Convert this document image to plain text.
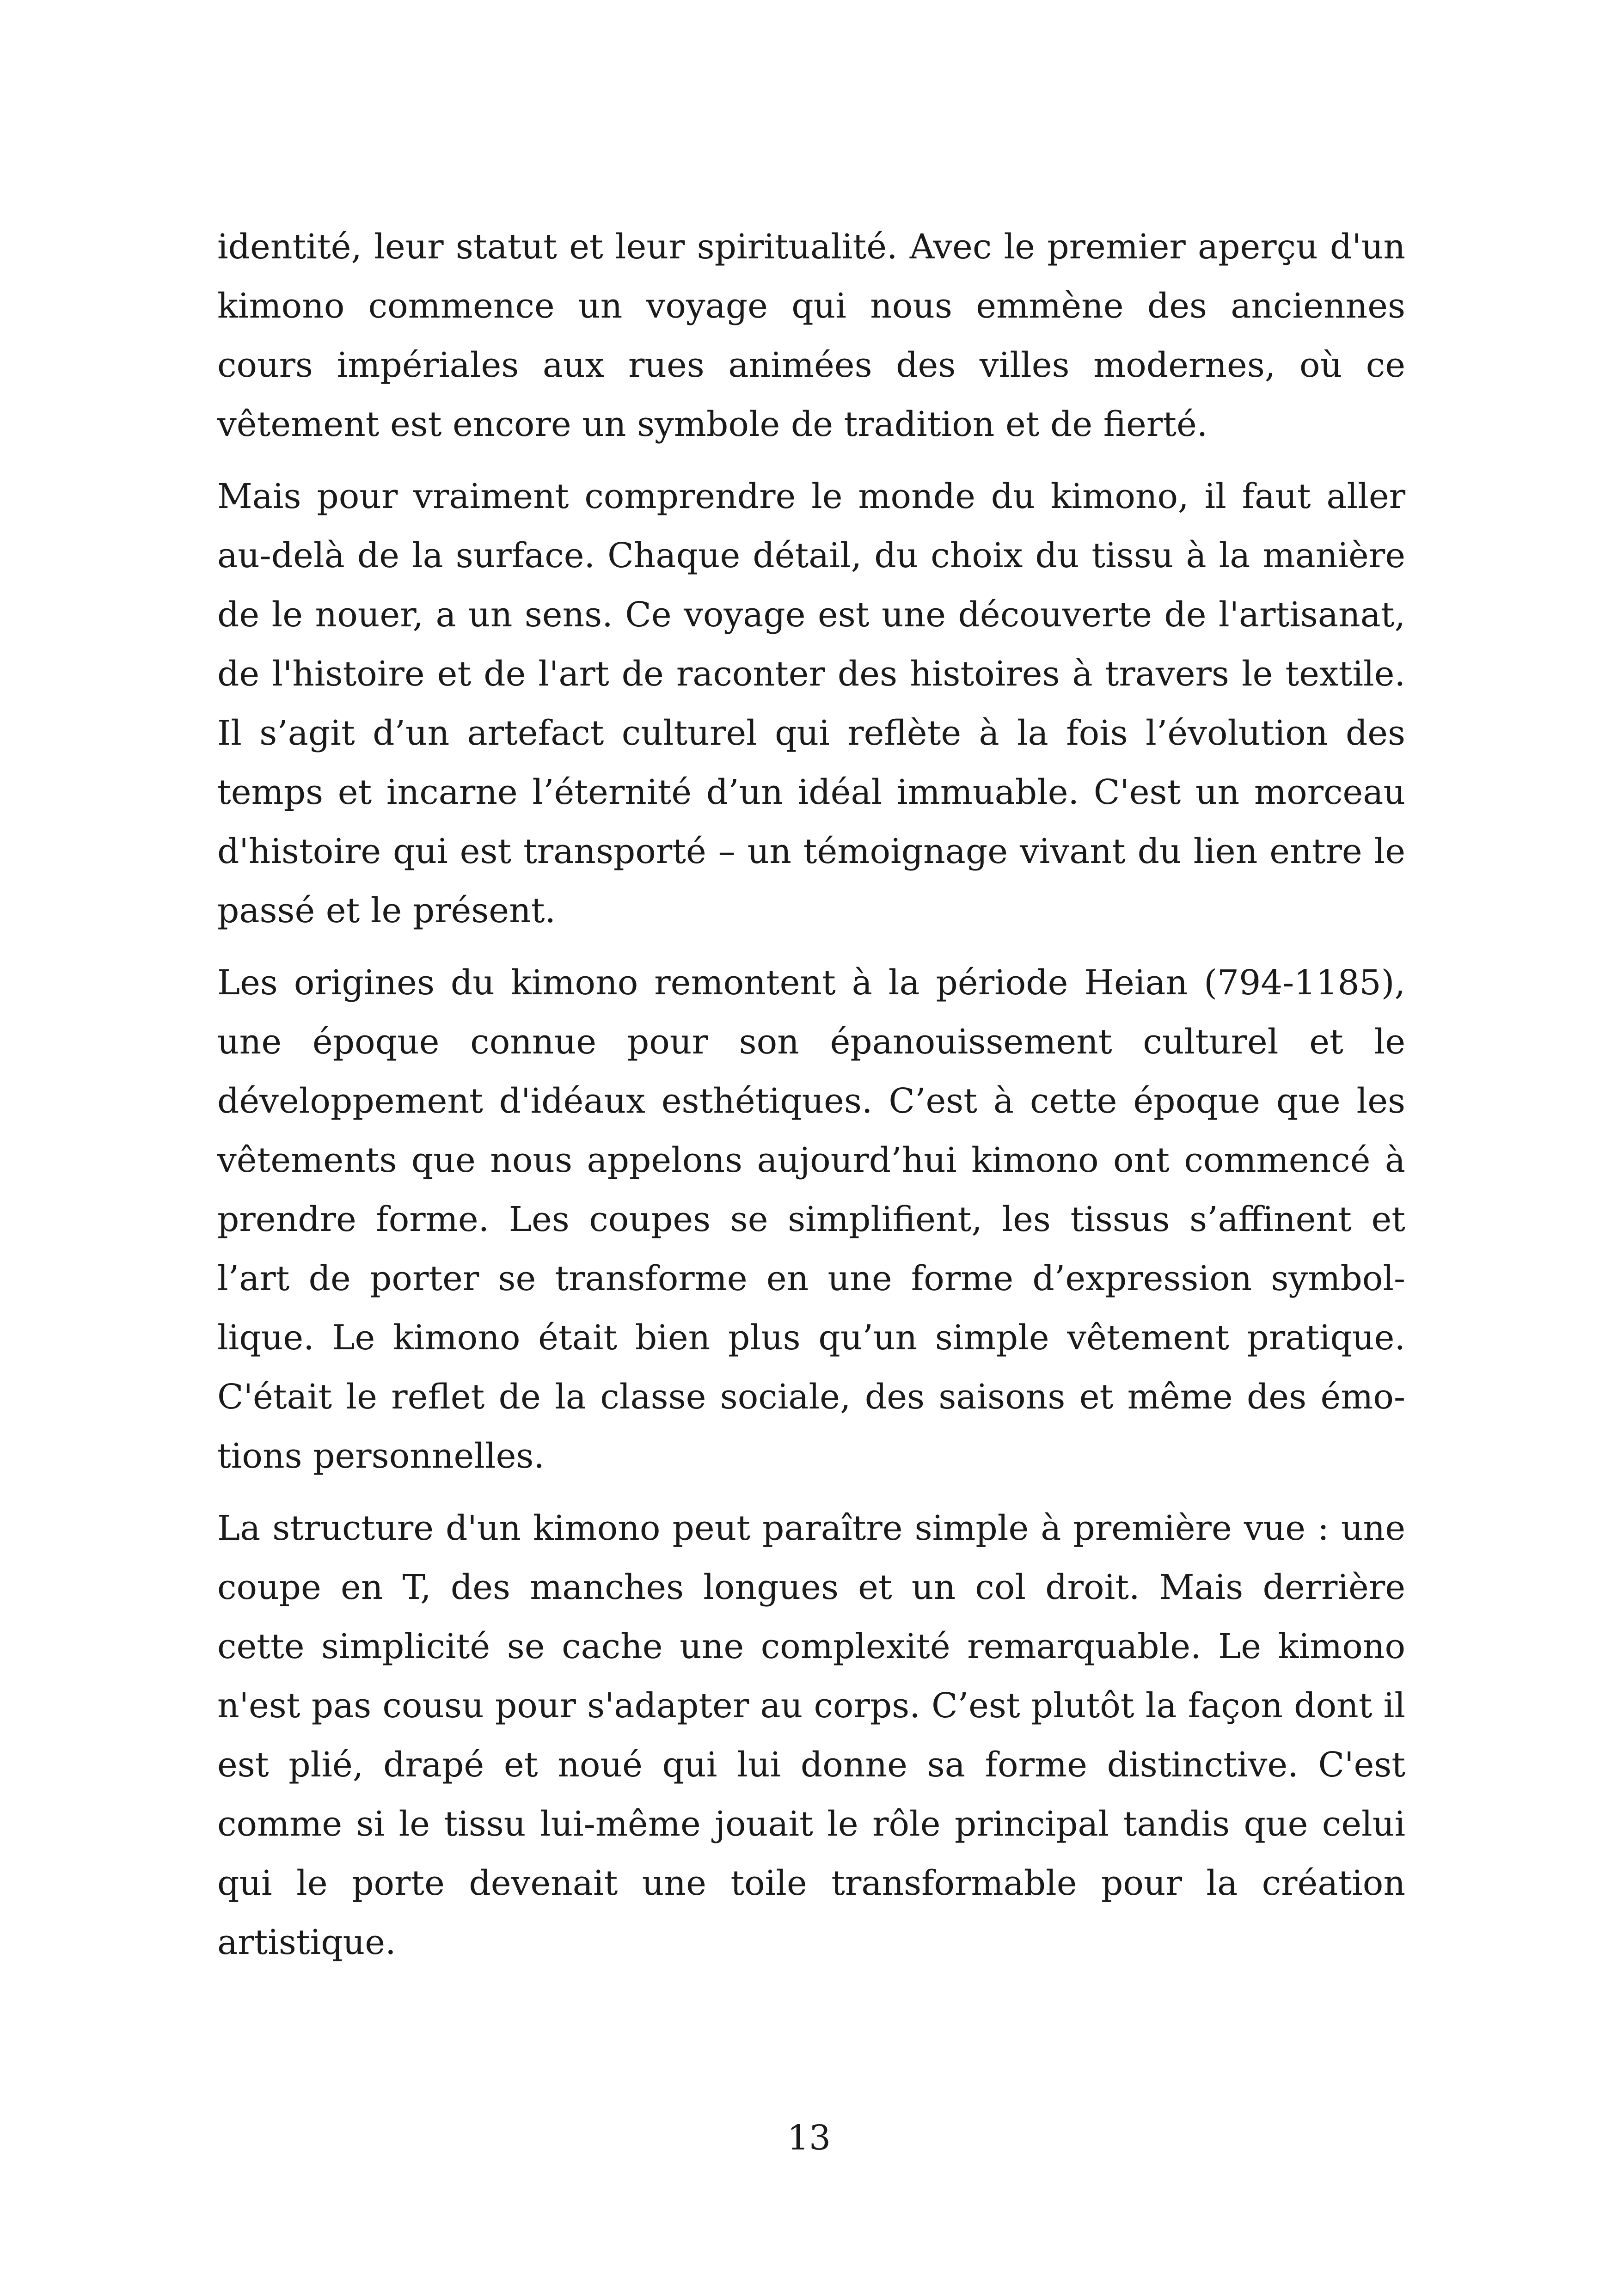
identité, leur statut et leur spiritualité. Avec le premier aperçu d'un kimono commence un voyage qui nous emmène des anciennes cours impériales aux rues animées des villes modernes, où ce vêtement est encore un symbole de tradition et de fierté.

Mais pour vraiment comprendre le monde du kimono, il faut aller au-delà de la surface. Chaque détail, du choix du tissu à la manière de le nouer, a un sens. Ce voyage est une découverte de l'artisanat, de l'histoire et de l'art de raconter des histoires à travers le textile. Il s’agit d’un artefact culturel qui reflète à la fois l’évolution des temps et incarne l’éternité d’un idéal immuable. C'est un morceau d'histoire qui est transporté – un témoignage vivant du lien entre le passé et le présent.

Les origines du kimono remontent à la période Heian (794-1185), une époque connue pour son épanouissement culturel et le développement d'idéaux esthétiques. C’est à cette époque que les vêtements que nous appelons aujourd’hui kimono ont commencé à prendre forme. Les coupes se simplifient, les tissus s’affinent et l’art de porter se transforme en une forme d’expression symbollique. Le kimono était bien plus qu’un simple vêtement pratique. C'était le reflet de la classe sociale, des saisons et même des émotions personnelles.

La structure d'un kimono peut paraître simple à première vue : une coupe en T, des manches longues et un col droit. Mais derrière cette simplicité se cache une complexité remarquable. Le kimono n'est pas cousu pour s'adapter au corps. C’est plutôt la façon dont il est plié, drapé et noué qui lui donne sa forme distinctive. C'est comme si le tissu lui-même jouait le rôle principal tandis que celui qui le porte devenait une toile transformable pour la création artistique.

13
